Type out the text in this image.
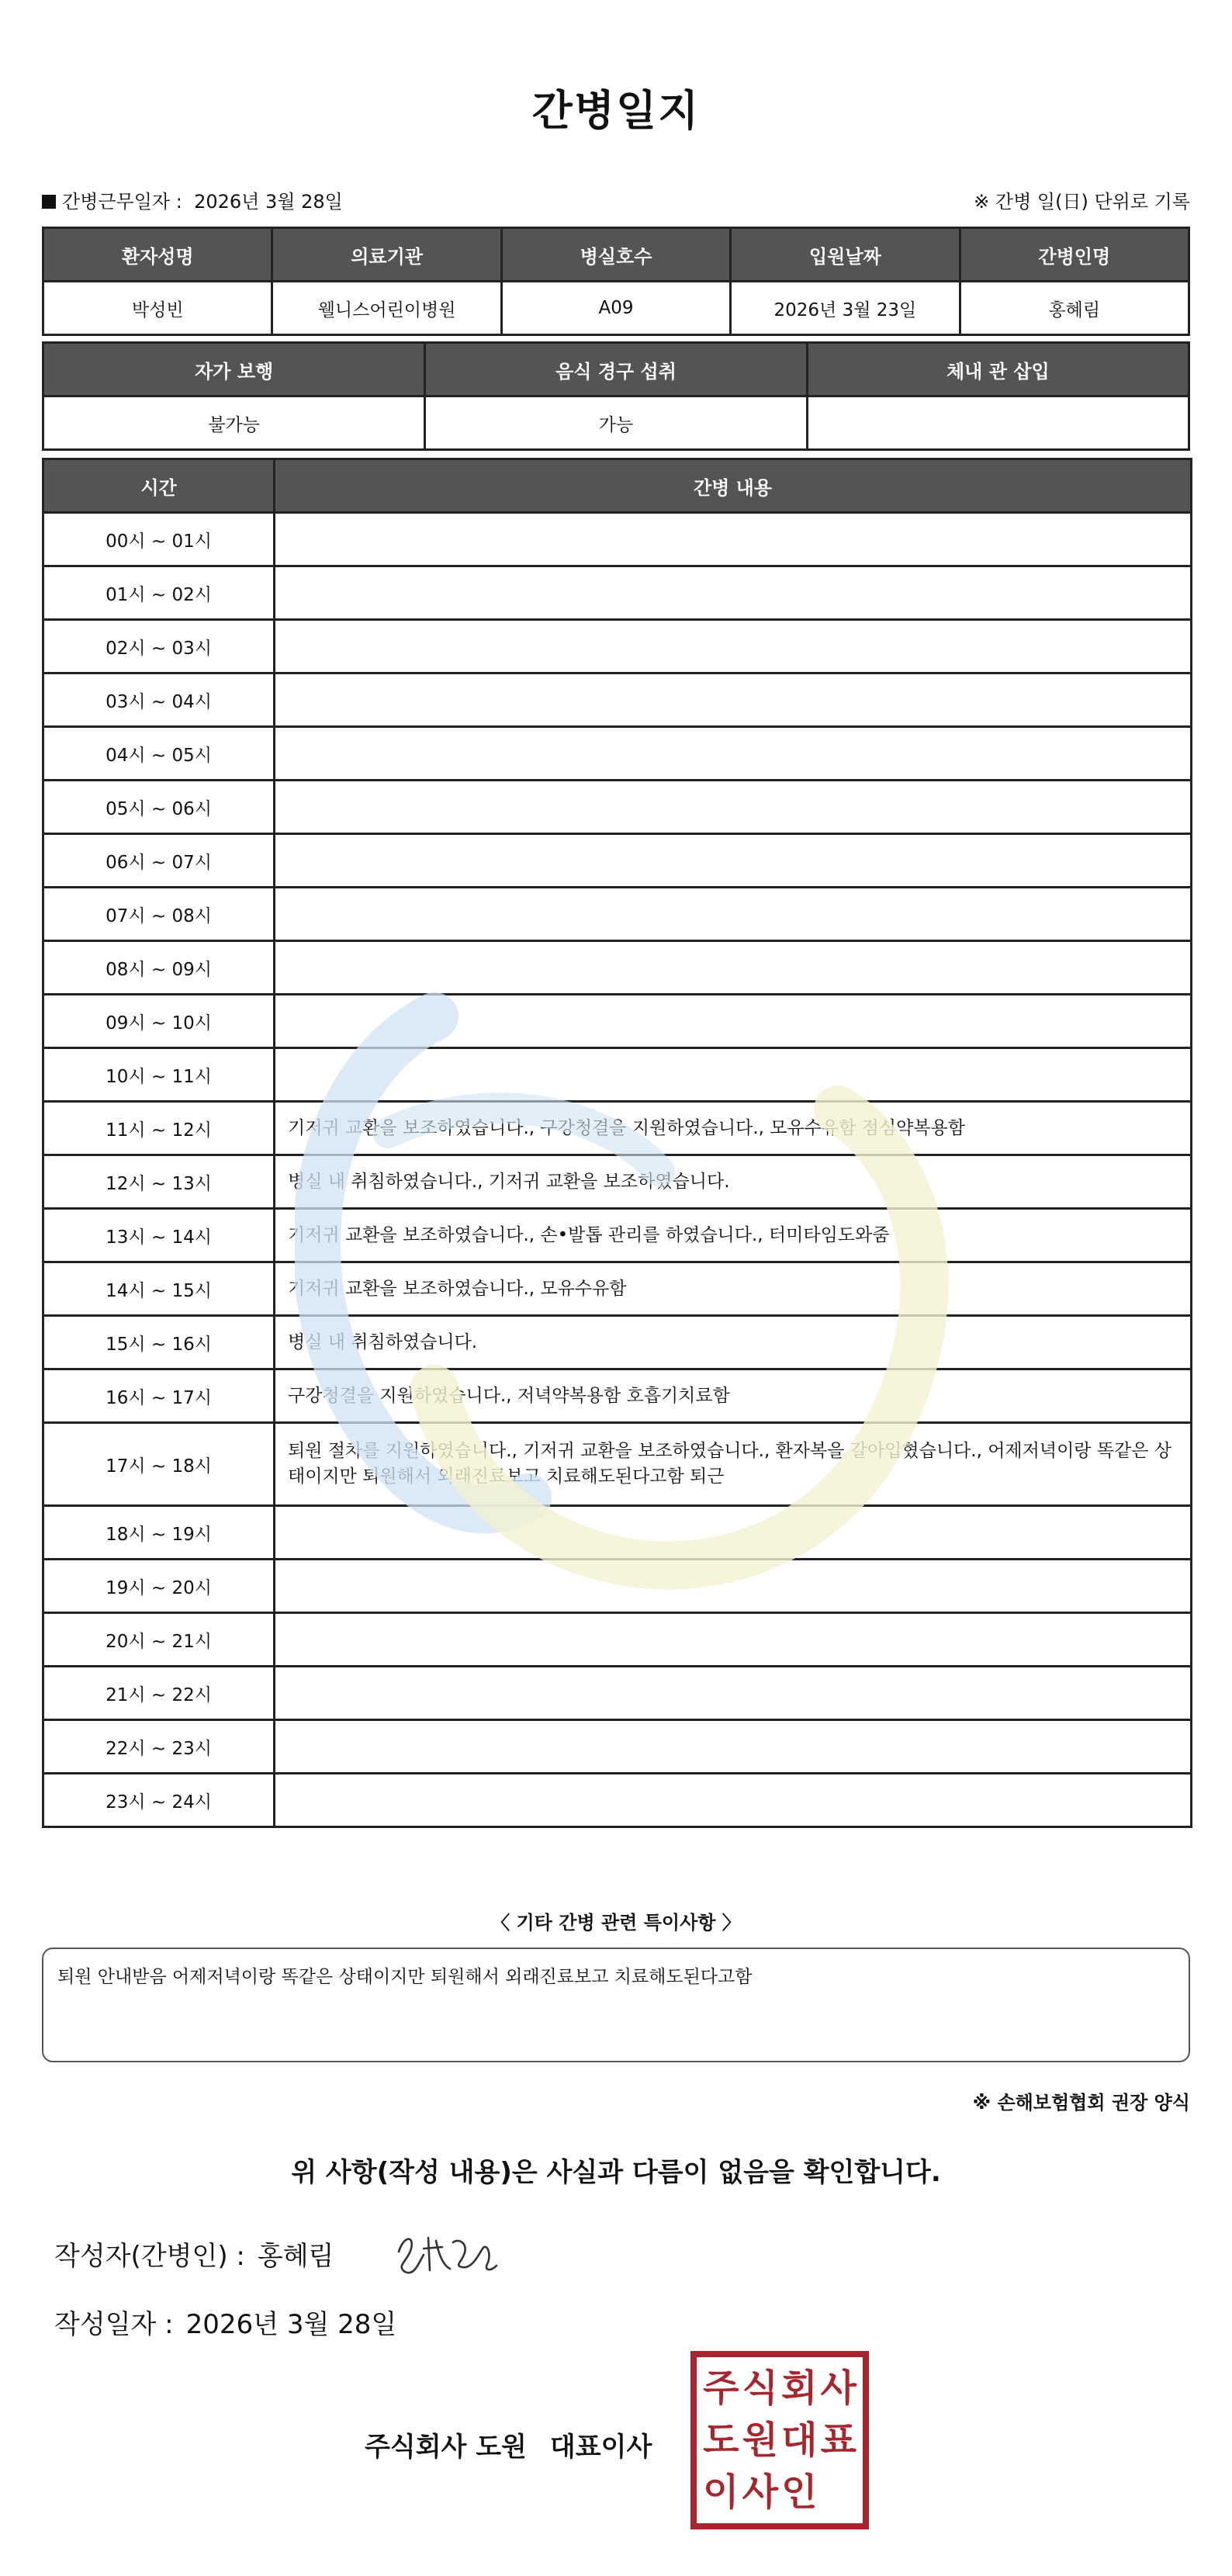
간병일지
간병근무일자 : 2026년 3월 28일	※ 간병 일(日) 단위로 기록
환자성명	의료기관	병실호수	입원날짜	간병인명
박성빈	웰니스어린이병원	A09	2026년 3월 23일	홍혜림
자가 보행	음식 경구 섭취	체내 관 삽입
불가능	가능	
시간	간병 내용
00시 ~ 01시	
01시 ~ 02시	
02시 ~ 03시	
03시 ~ 04시	
04시 ~ 05시	
05시 ~ 06시	
06시 ~ 07시	
07시 ~ 08시	
08시 ~ 09시	
09시 ~ 10시	
10시 ~ 11시	
11시 ~ 12시	기저귀 교환을 보조하였습니다., 구강청결을 지원하였습니다., 모유수유함 점심약복용함
12시 ~ 13시	병실 내 취침하였습니다., 기저귀 교환을 보조하였습니다.
13시 ~ 14시	기저귀 교환을 보조하였습니다., 손•발톱 관리를 하였습니다., 터미타임도와줌
14시 ~ 15시	기저귀 교환을 보조하였습니다., 모유수유함
15시 ~ 16시	병실 내 취침하였습니다.
16시 ~ 17시	구강청결을 지원하였습니다., 저녁약복용함 호흡기치료함
17시 ~ 18시	퇴원 절차를 지원하였습니다., 기저귀 교환을 보조하였습니다., 환자복을 갈아입혔습니다., 어제저녁이랑 똑같은 상태이지만 퇴원해서 외래진료보고 치료해도된다고함 퇴근
18시 ~ 19시	
19시 ~ 20시	
20시 ~ 21시	
21시 ~ 22시	
22시 ~ 23시	
23시 ~ 24시	
〈 기타 간병 관련 특이사항 〉
퇴원 안내받음 어제저녁이랑 똑같은 상태이지만 퇴원해서 외래진료보고 치료해도된다고함
※ 손해보험협회 권장 양식
위 사항(작성 내용)은 사실과 다름이 없음을 확인합니다.
작성자(간병인) : 홍혜림
작성일자 : 2026년 3월 28일
주식회사 도원 대표이사
주 식 회 사
도 원 대 표
이 사 인
